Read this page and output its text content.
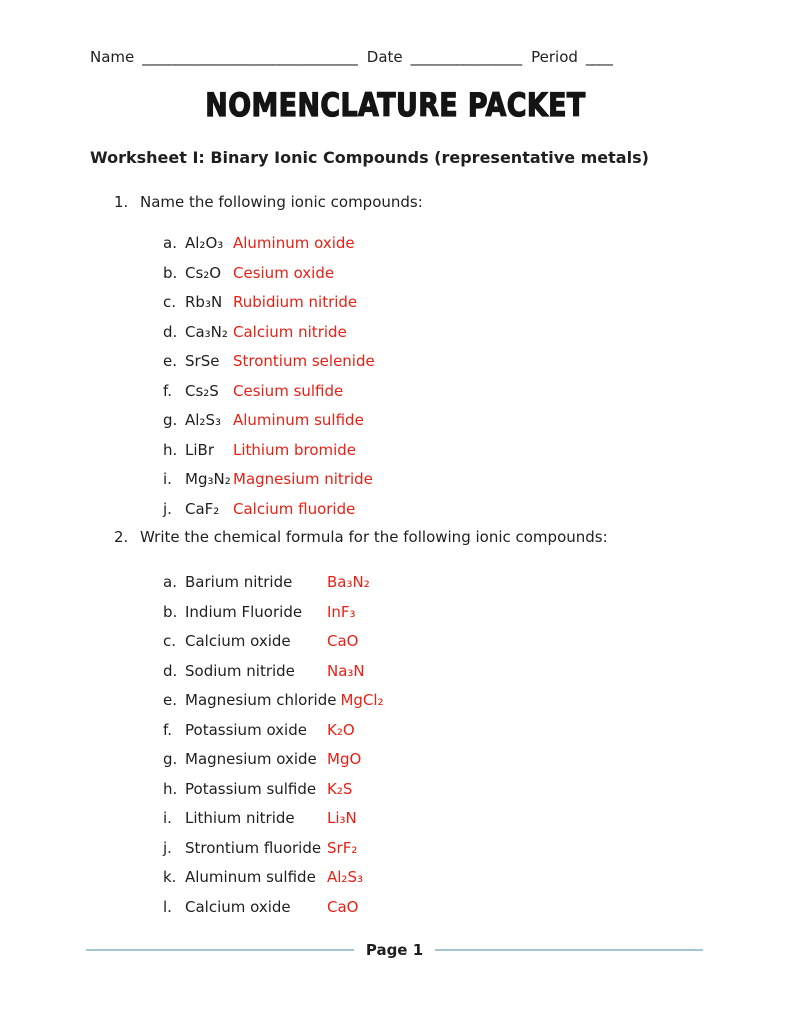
Name _________________________________ Date _________________ Period ____
NOMENCLATURE PACKET
Worksheet I: Binary Ionic Compounds (representative metals)
1. Name the following ionic compounds:
a. Al₂O₃ Aluminum oxide
b. Cs₂O Cesium oxide
c. Rb₃N Rubidium nitride
d. Ca₃N₂ Calcium nitride
e. SrSe Strontium selenide
f. Cs₂S Cesium sulfide
g. Al₂S₃ Aluminum sulfide
h. LiBr	Lithium bromide
i. Mg₃N₂ Magnesium nitride
j. CaF₂ Calcium fluoride
2. Write the chemical formula for the following ionic compounds:
a. Barium nitride	Ba₃N₂
b. Indium Fluoride	InF₃
c. Calcium oxide	CaO
d. Sodium nitride	Na₃N
e. Magnesium chloride MgCl₂
f. Potassium oxide	K₂O
g. Magnesium oxide MgO
h. Potassium sulfide K₂S
i. Lithium nitride	Li₃N
j. Strontium fluoride SrF₂
k. Aluminum sulfide Al₂S₃
l. Calcium oxide	CaO
Page 1
